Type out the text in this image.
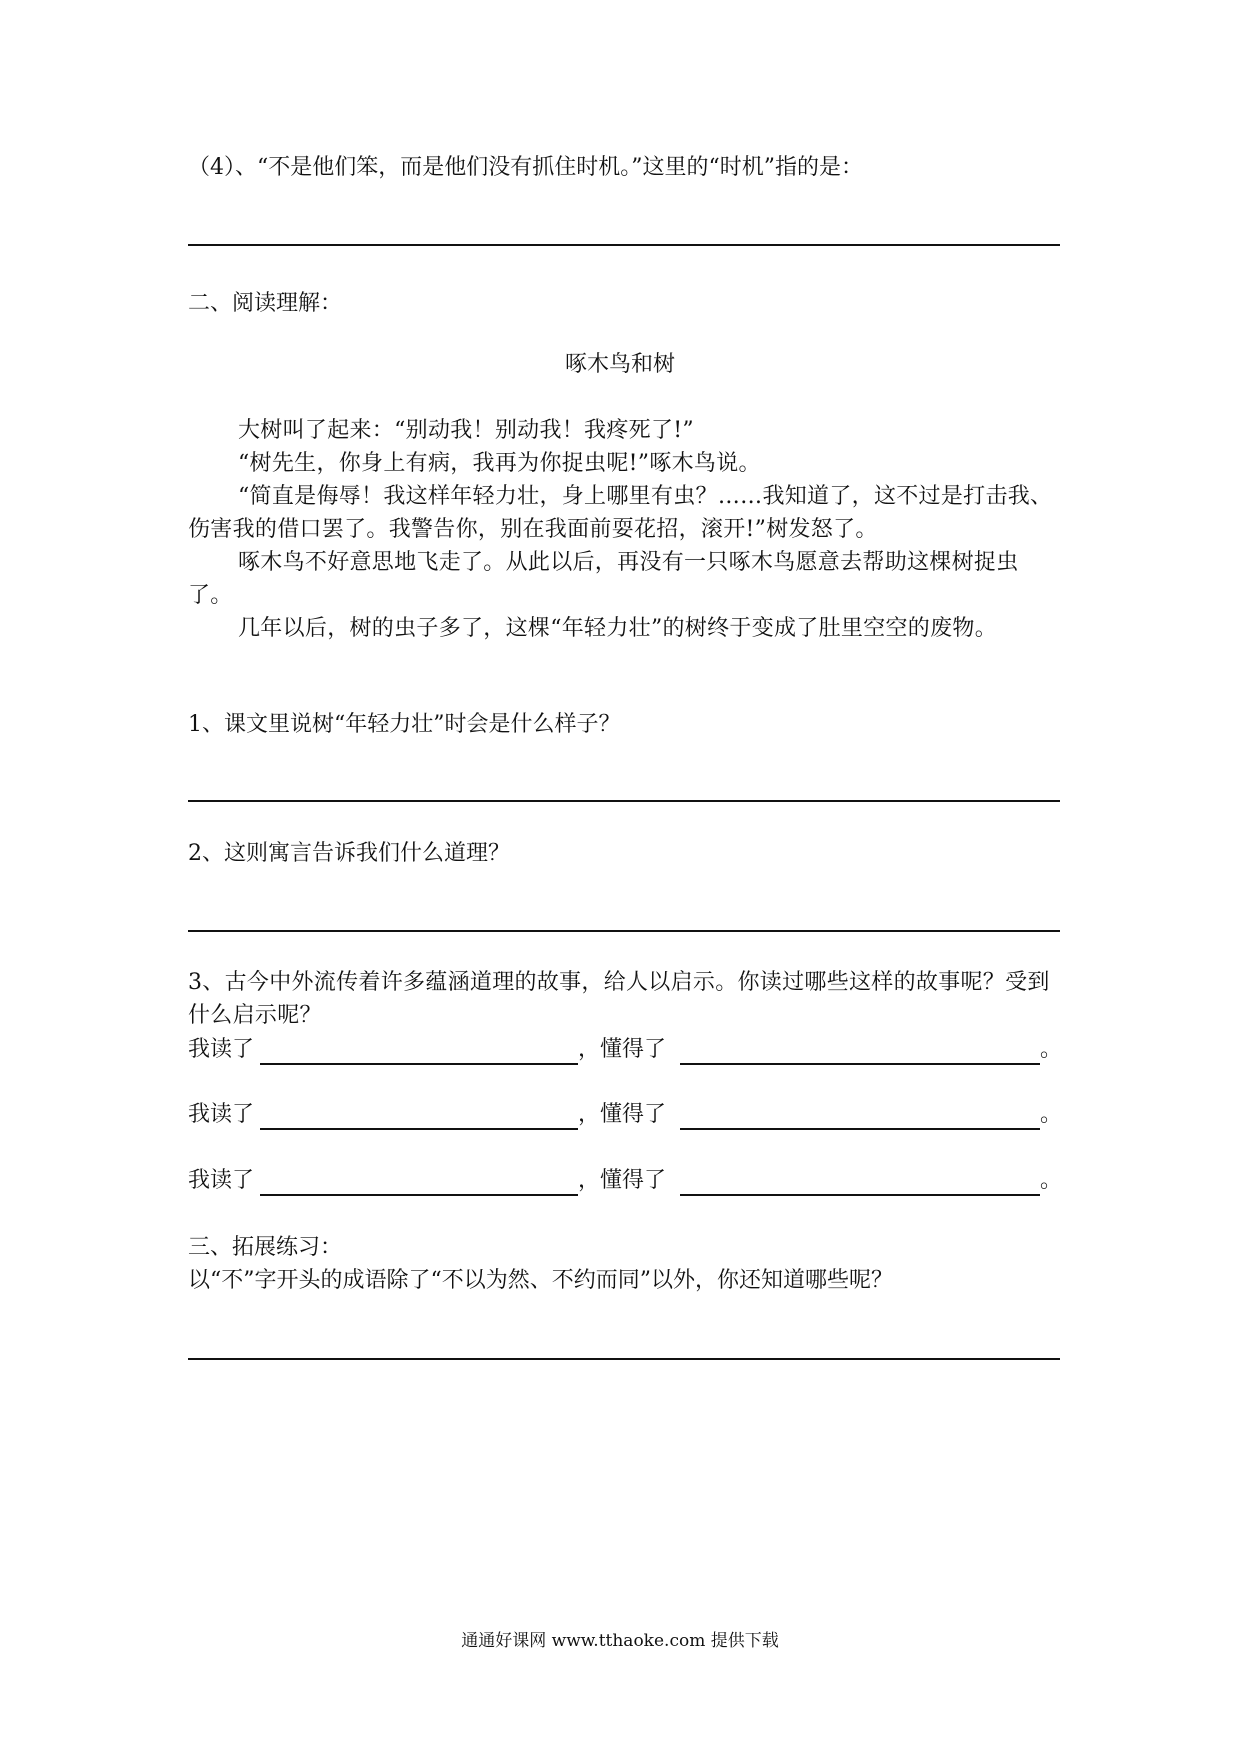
（4）、“不是他们笨，而是他们没有抓住时机。”这里的“时机”指的是：
二、阅读理解：
啄木鸟和树
大树叫了起来：“别动我！别动我！我疼死了!”
“树先生，你身上有病，我再为你捉虫呢!”啄木鸟说。
“简直是侮辱！我这样年轻力壮，身上哪里有虫？……我知道了，这不过是打击我、伤害我的借口罢了。我警告你，别在我面前耍花招，滚开!”树发怒了。
啄木鸟不好意思地飞走了。从此以后，再没有一只啄木鸟愿意去帮助这棵树捉虫了。
几年以后，树的虫子多了，这棵“年轻力壮”的树终于变成了肚里空空的废物。
1、课文里说树“年轻力壮”时会是什么样子？
2、这则寓言告诉我们什么道理？
3、古今中外流传着许多蕴涵道理的故事，给人以启示。你读过哪些这样的故事呢？受到什么启示呢？
我读了	，懂得了	。
我读了	，懂得了	。
我读了	，懂得了	。
三、拓展练习：
以“不”字开头的成语除了“不以为然、不约而同”以外，你还知道哪些呢？
通通好课网 www.tthaoke.com 提供下载
